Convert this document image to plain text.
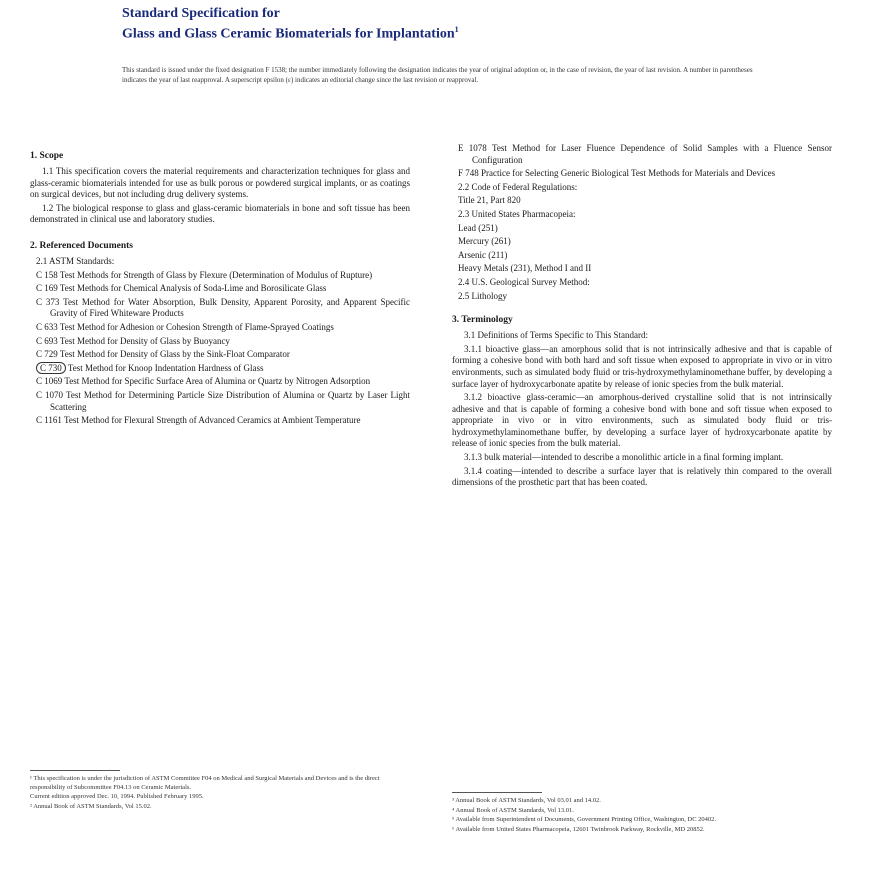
Standard Specification for
Glass and Glass Ceramic Biomaterials for Implantation$^1$
This standard is issued under the fixed designation F 1538; the number immediately following the designation indicates the year of original adoption or, in the case of revision, the year of last revision. A number in parentheses indicates the year of last reapproval. A superscript epsilon (ε) indicates an editorial change since the last revision or reapproval.
1. Scope

1.1 This specification covers the material requirements and characterization techniques for glass and glass-ceramic biomaterials intended for use as bulk porous or powdered surgical implants, or as coatings on surgical devices, but not including drug delivery systems.

1.2 The biological response to glass and glass-ceramic biomaterials in bone and soft tissue has been demonstrated in clinical use and laboratory studies.

2. Referenced Documents
2.1 ASTM Standards:
C 158 Test Methods for Strength of Glass by Flexure (Determination of Modulus of Rupture)
C 169 Test Methods for Chemical Analysis of Soda-Lime and Borosilicate Glass
C 373 Test Method for Water Absorption, Bulk Density, Apparent Porosity, and Apparent Specific Gravity of Fired Whiteware Products
C 633 Test Method for Adhesion or Cohesion Strength of Flame-Sprayed Coatings
C 693 Test Method for Density of Glass by Buoyancy
C 729 Test Method for Density of Glass by the Sink-Float Comparator
C 730 Test Method for Knoop Indentation Hardness of Glass
C 1069 Test Method for Specific Surface Area of Alumina or Quartz by Nitrogen Adsorption
C 1070 Test Method for Determining Particle Size Distribution of Alumina or Quartz by Laser Light Scattering
C 1161 Test Method for Flexural Strength of Advanced Ceramics at Ambient Temperature
¹ This specification is under the jurisdiction of ASTM Committee F04 on Medical and Surgical Materials and Devices and is the direct responsibility of Subcommittee F04.13 on Ceramic Materials.
Current edition approved Dec. 10, 1994. Published February 1995.
² Annual Book of ASTM Standards, Vol 15.02.
E 1078 Test Method for Laser Fluence Dependence of Solid Samples with a Fluence Sensor Configuration
F 748 Practice for Selecting Generic Biological Test Methods for Materials and Devices
2.2 Code of Federal Regulations:
Title 21, Part 820
2.3 United States Pharmacopeia:
Lead (251)
Mercury (261)
Arsenic (211)
Heavy Metals (231), Method I and II
2.4 U.S. Geological Survey Method:
2.5 Lithology
3. Terminology

3.1 Definitions of Terms Specific to This Standard:

3.1.1 bioactive glass—an amorphous solid that is not intrinsically adhesive and that is capable of forming a cohesive bond with both hard and soft tissue when exposed to appropriate in vivo or in vitro environments, such as simulated body fluid or tris-hydroxymethylaminomethane buffer, by developing a surface layer of hydroxycarbonate apatite by release of ionic species from the bulk material.

3.1.2 bioactive glass-ceramic—an amorphous-derived crystalline solid that is not intrinsically adhesive and that is capable of forming a cohesive bond with bone and soft tissue when exposed to appropriate in vivo or in vitro environments, such as simulated body fluid or tris-hydroxymethylaminomethane buffer, by developing a surface layer of hydroxycarbonate apatite by release of ionic species from the bulk material.

3.1.3 bulk material—intended to describe a monolithic article in a final forming implant.

3.1.4 coating—intended to describe a surface layer that is relatively thin compared to the overall dimensions of the prosthetic part that has been coated.

³ Annual Book of ASTM Standards, Vol 03.01 and 14.02.
⁴ Annual Book of ASTM Standards, Vol 13.01.
⁵ Available from Superintendent of Documents, Government Printing Office, Washington, DC 20402.
⁶ Available from United States Pharmacopeia, 12601 Twinbrook Parkway, Rockville, MD 20852.
